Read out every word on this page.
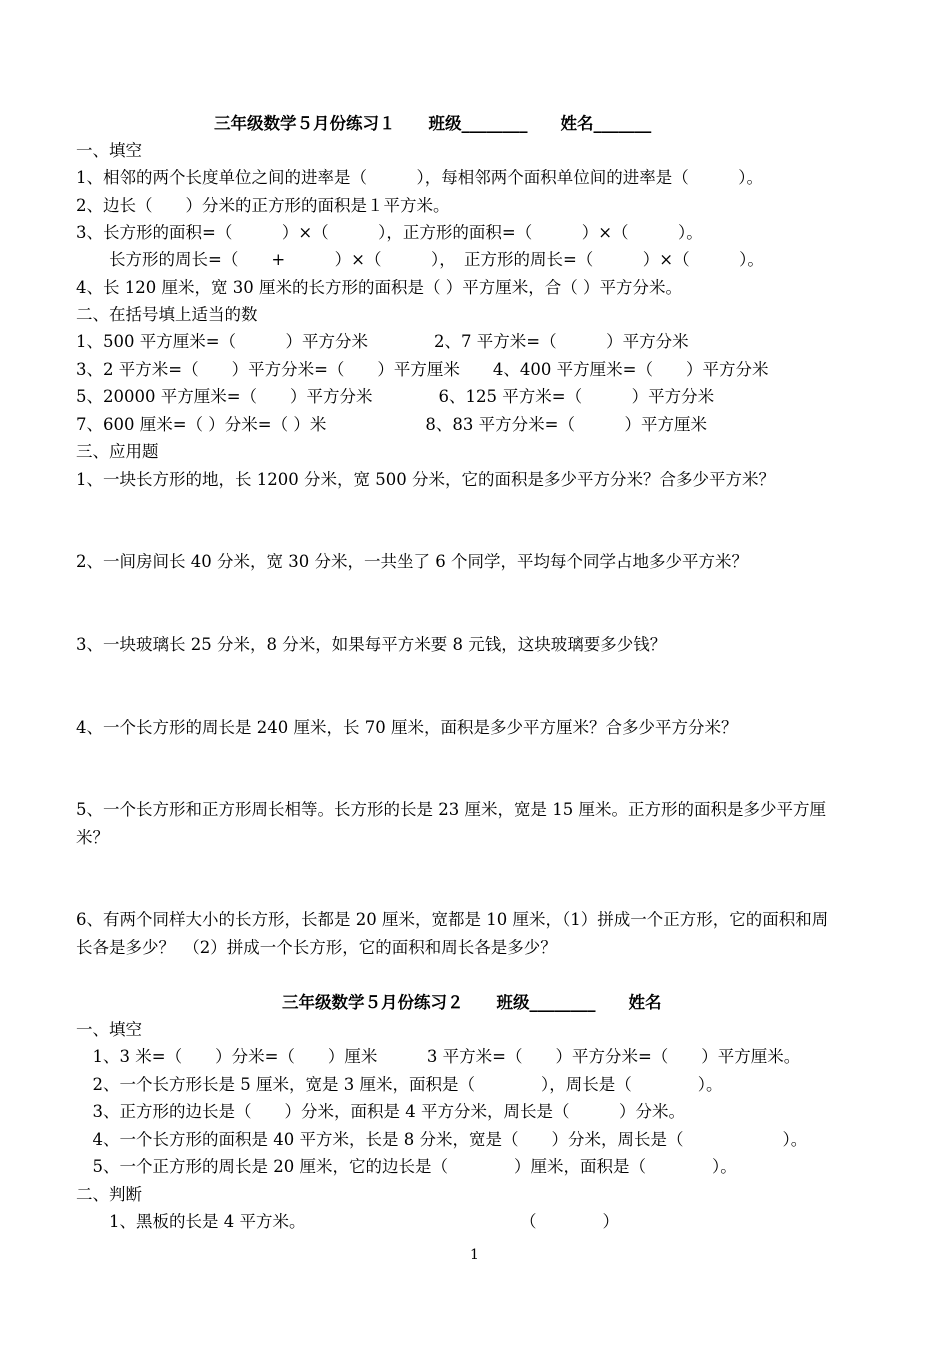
三年级数学５月份练习１　　班级________　　姓名_______
一、填空
1、相邻的两个长度单位之间的进率是（　　　），每相邻两个面积单位间的进率是（　　　）。
2、边长（　　）分米的正方形的面积是１平方米。
3、长方形的面积=（　　　）×（　　　），正方形的面积=（　　　）×（　　　）。
　　长方形的周长=（　　+　　　）×（　　　），　正方形的周长=（　　　）×（　　　）。
4、长 120 厘米，宽 30 厘米的长方形的面积是（ ）平方厘米，合（ ）平方分米。
二、在括号填上适当的数
1、500 平方厘米=（　　　）平方分米　　　　2、7 平方米=（　　　）平方分米
3、2 平方米=（　　）平方分米=（　　）平方厘米　　4、400 平方厘米=（　　）平方分米
5、20000 平方厘米=（　　）平方分米　　　　6、125 平方米=（　　　）平方分米
7、600 厘米=（ ）分米=（ ）米　　　　　　8、83 平方分米=（　　　）平方厘米
三、应用题
1、一块长方形的地，长 1200 分米，宽 500 分米，它的面积是多少平方分米？合多少平方米？
2、一间房间长 40 分米，宽 30 分米，一共坐了 6 个同学，平均每个同学占地多少平方米？
3、一块玻璃长 25 分米，8 分米，如果每平方米要 8 元钱，这块玻璃要多少钱？
4、一个长方形的周长是 240 厘米，长 70 厘米，面积是多少平方厘米？合多少平方分米？
5、一个长方形和正方形周长相等。长方形的长是 23 厘米，宽是 15 厘米。正方形的面积是多少平方厘
米？
6、有两个同样大小的长方形，长都是 20 厘米，宽都是 10 厘米，（1）拼成一个正方形，它的面积和周
长各是多少？　（2）拼成一个长方形，它的面积和周长各是多少？
三年级数学５月份练习２　　班级________　　姓名
一、填空
　1、3 米=（　　）分米=（　　）厘米　　　3 平方米=（　　）平方分米=（　　）平方厘米。
　2、一个长方形长是 5 厘米，宽是 3 厘米，面积是（　　　　），周长是（　　　　）。
　3、正方形的边长是（　　）分米，面积是 4 平方分米，周长是（　　　）分米。
　4、一个长方形的面积是 40 平方米，长是 8 分米，宽是（　　）分米，周长是（　　　　　　）。
　5、一个正方形的周长是 20 厘米，它的边长是（　　　　）厘米，面积是（　　　　）。
二、判断
　　1、黑板的长是 4 平方米。　　　　　　　　　　　　　　（　　　　）
1
